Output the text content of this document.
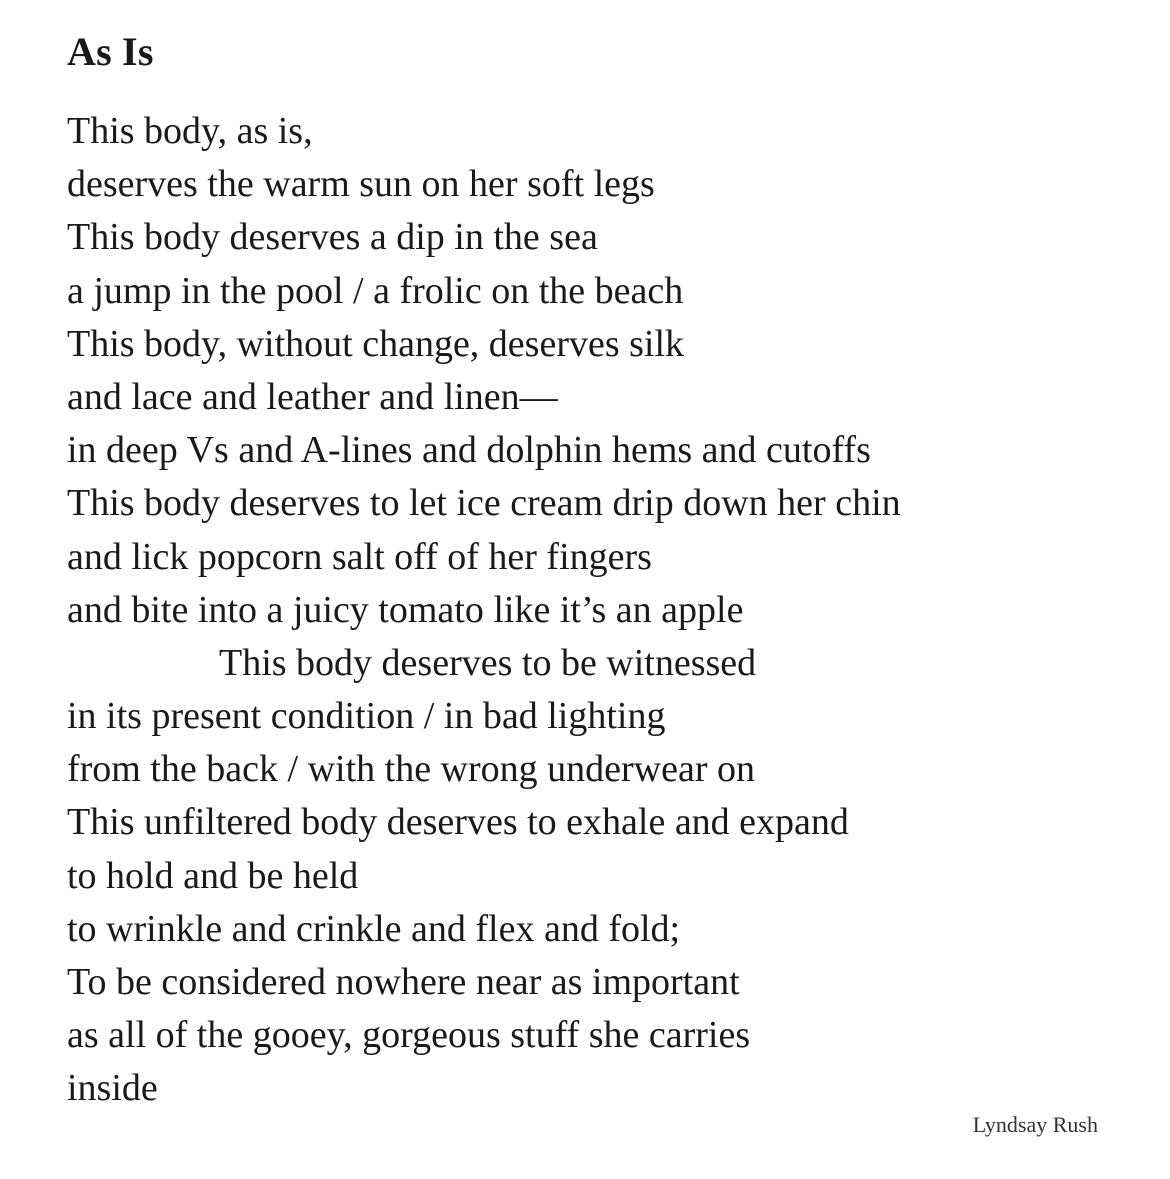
As Is
This body, as is,
deserves the warm sun on her soft legs
This body deserves a dip in the sea
a jump in the pool / a frolic on the beach
This body, without change, deserves silk
and lace and leather and linen—
in deep Vs and A-lines and dolphin hems and cutoffs
This body deserves to let ice cream drip down her chin
and lick popcorn salt off of her fingers
and bite into a juicy tomato like it’s an apple
This body deserves to be witnessed
in its present condition / in bad lighting
from the back / with the wrong underwear on
This unfiltered body deserves to exhale and expand
to hold and be held
to wrinkle and crinkle and flex and fold;
To be considered nowhere near as important
as all of the gooey, gorgeous stuff she carries
inside
Lyndsay Rush
